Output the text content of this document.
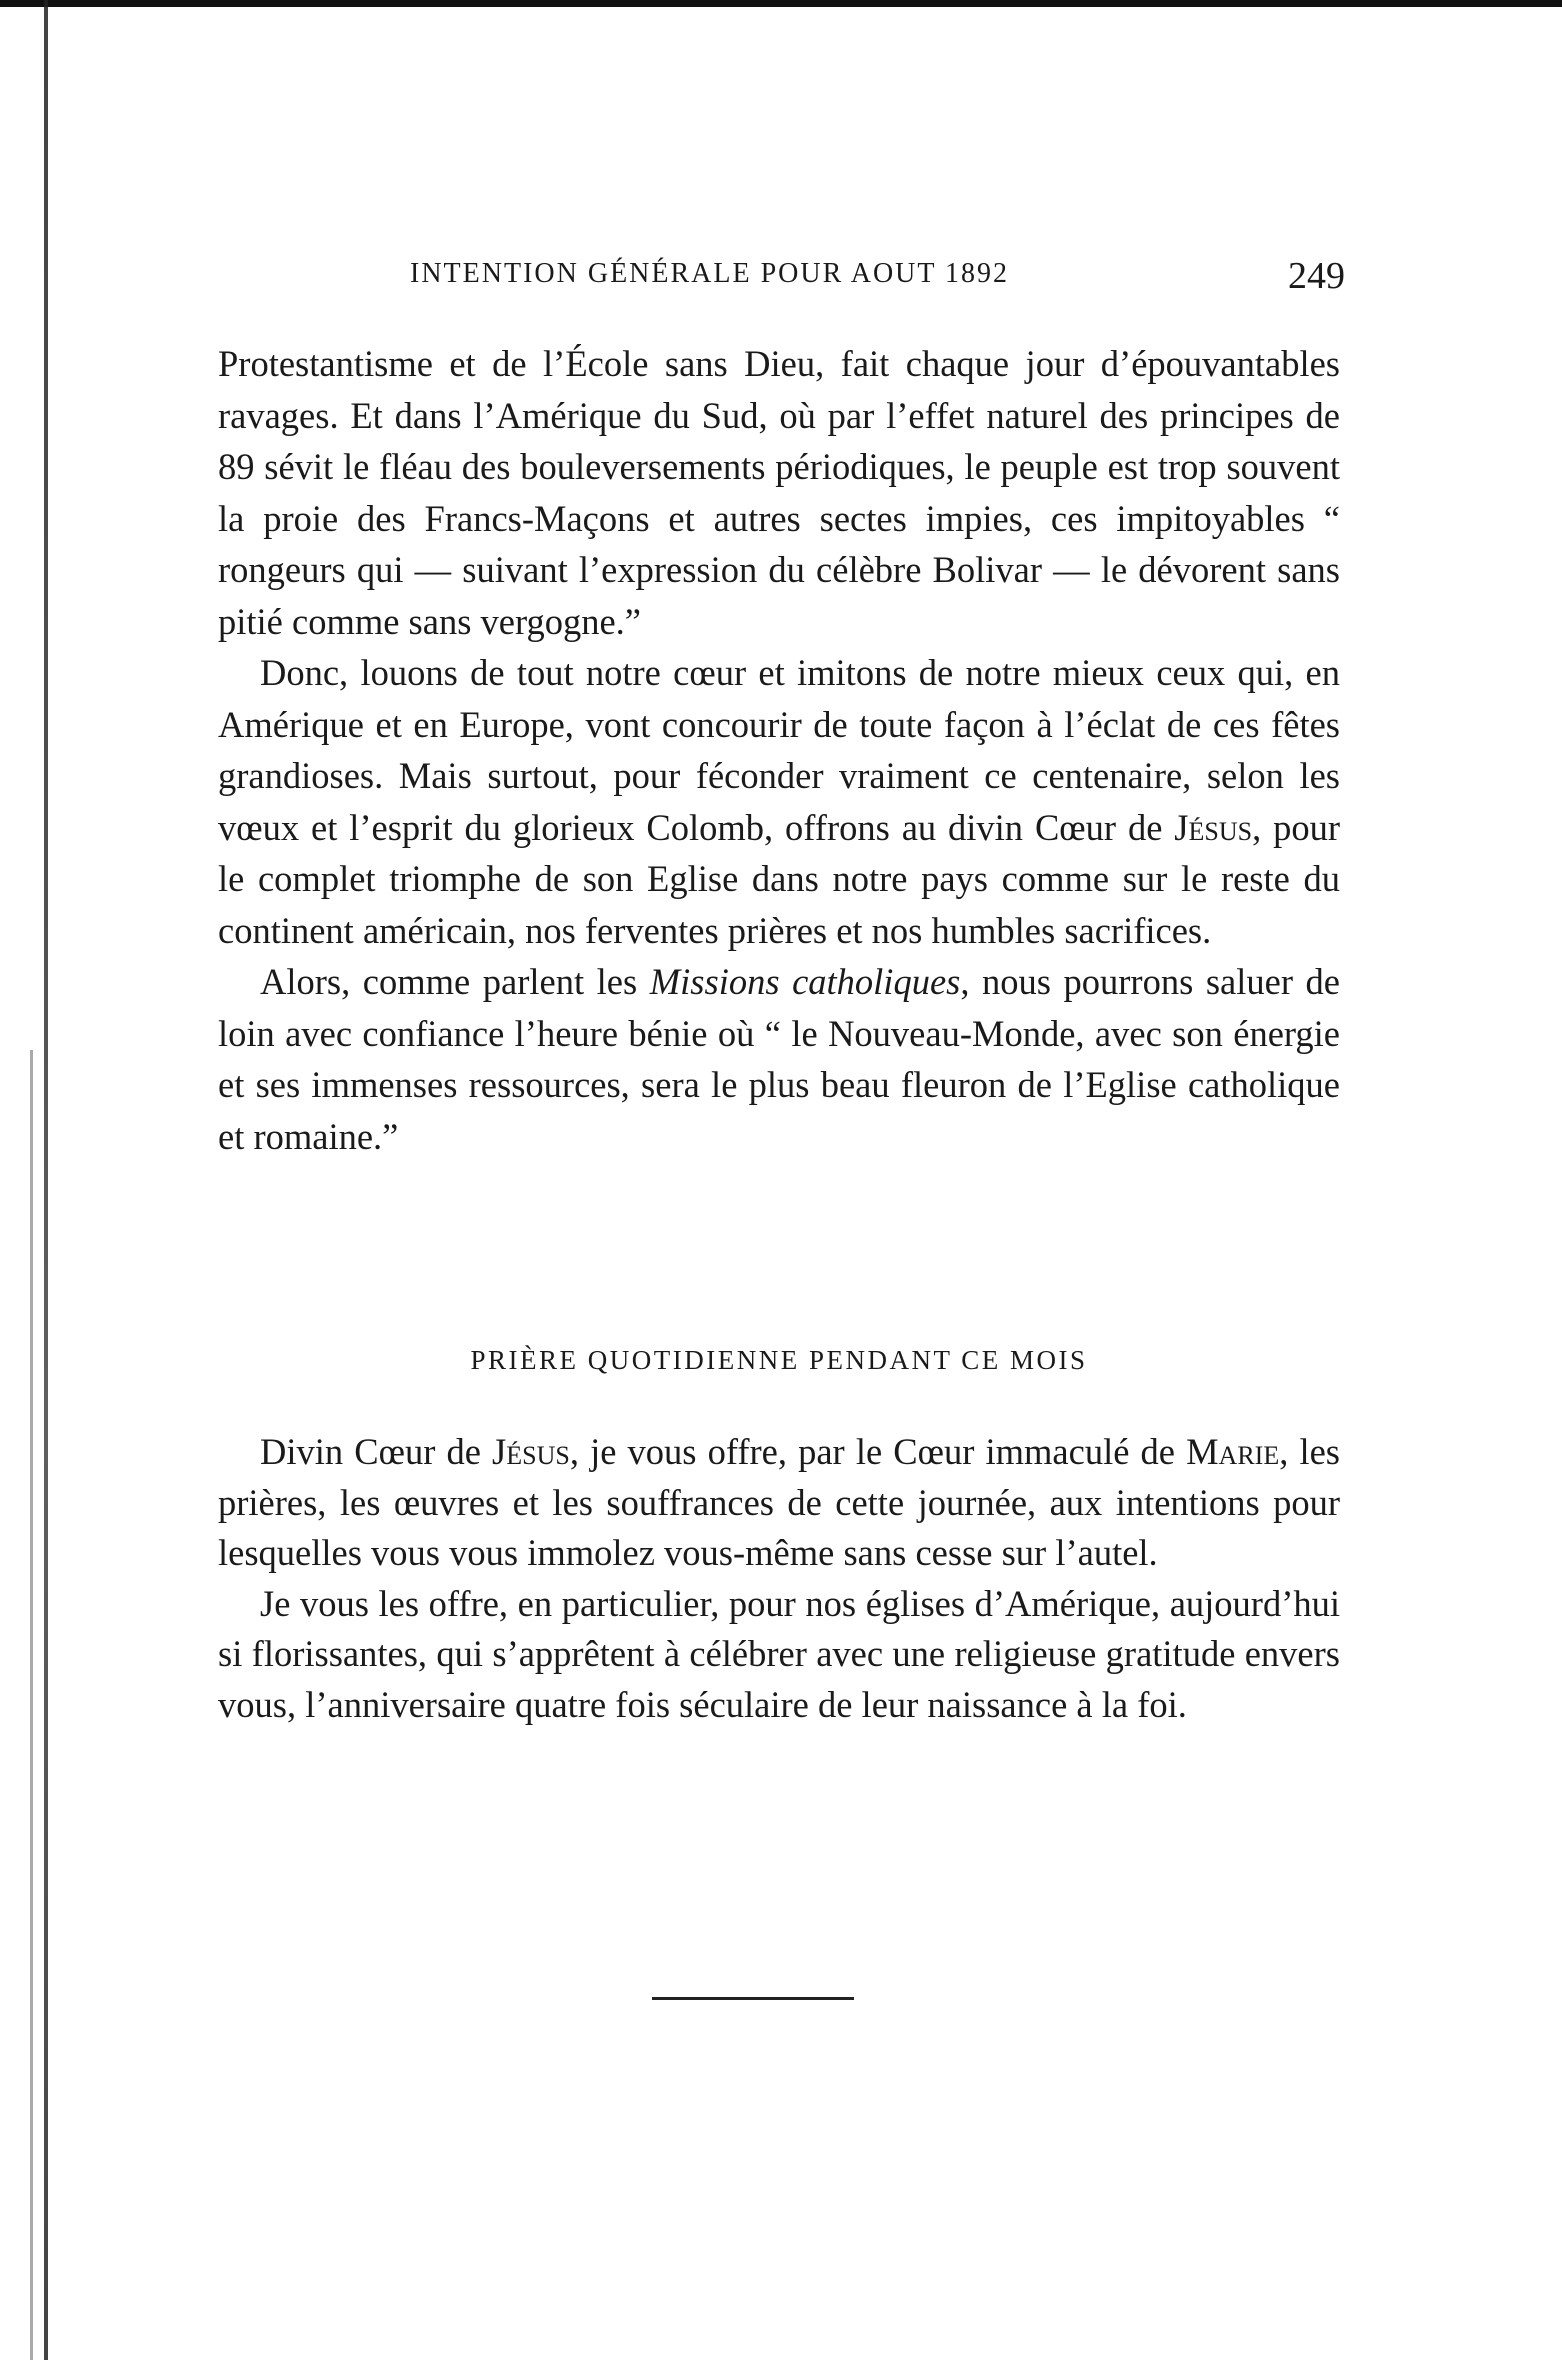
INTENTION GÉNÉRALE POUR AOUT 1892	249

Protestantisme et de l’École sans Dieu, fait chaque jour d’épouvantables ravages. Et dans l’Amérique du Sud, où par l’effet naturel des principes de 89 sévit le fléau des bouleversements périodiques, le peuple est trop souvent la proie des Francs-Maçons et autres sectes impies, ces impitoyables “ rongeurs qui — suivant l’expression du célèbre Bolivar — le dévorent sans pitié comme sans vergogne.”

Donc, louons de tout notre cœur et imitons de notre mieux ceux qui, en Amérique et en Europe, vont concourir de toute façon à l’éclat de ces fêtes grandioses. Mais surtout, pour féconder vraiment ce centenaire, selon les vœux et l’esprit du glorieux Colomb, offrons au divin Cœur de Jésus, pour le complet triomphe de son Eglise dans notre pays comme sur le reste du continent américain, nos ferventes prières et nos humbles sacrifices.

Alors, comme parlent les Missions catholiques, nous pourrons saluer de loin avec confiance l’heure bénie où “ le Nouveau-Monde, avec son énergie et ses immenses ressources, sera le plus beau fleuron de l’Eglise catholique et romaine.”

PRIÈRE QUOTIDIENNE PENDANT CE MOIS

Divin Cœur de Jésus, je vous offre, par le Cœur immaculé de Marie, les prières, les œuvres et les souffrances de cette journée, aux intentions pour lesquelles vous vous immolez vous-même sans cesse sur l’autel.

Je vous les offre, en particulier, pour nos églises d’Amérique, aujourd’hui si florissantes, qui s’apprêtent à célébrer avec une religieuse gratitude envers vous, l’anniversaire quatre fois séculaire de leur naissance à la foi.
